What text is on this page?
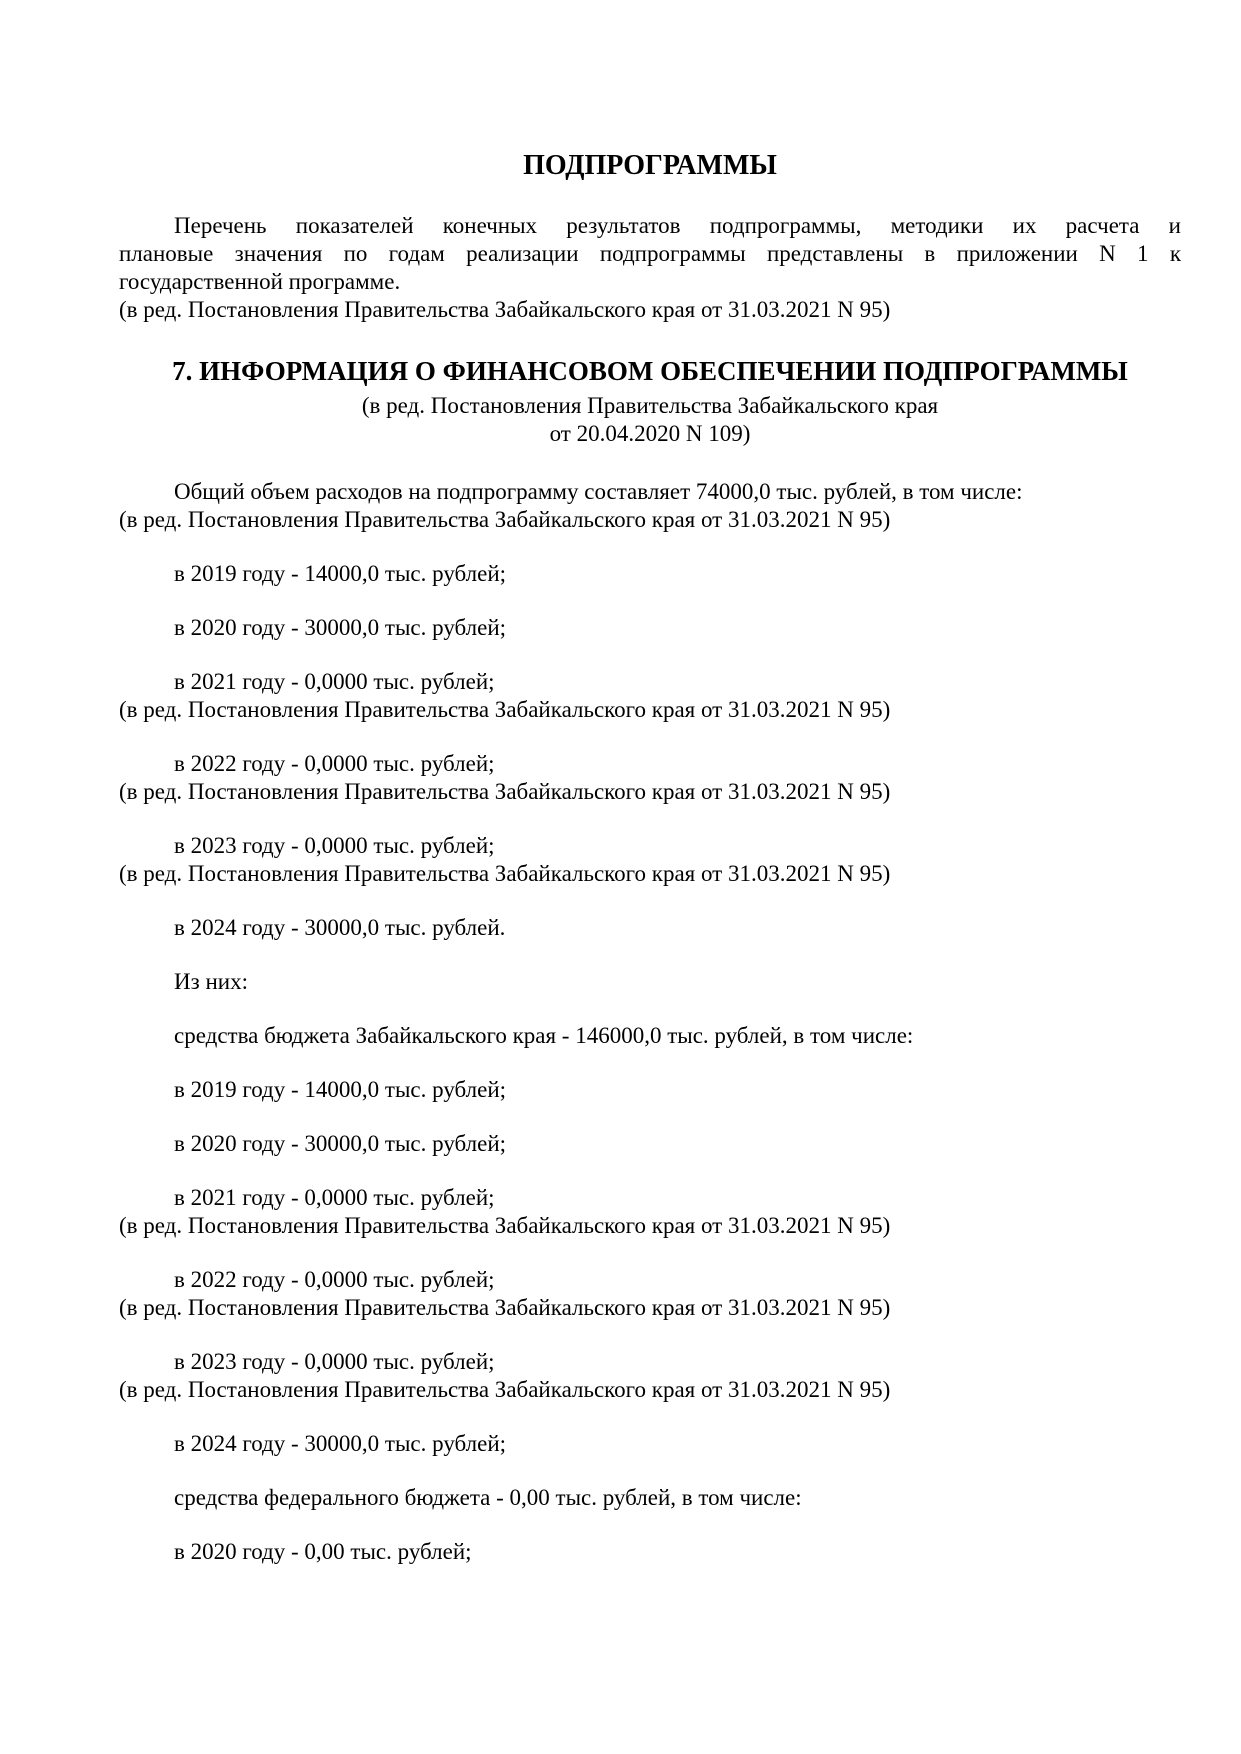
ПОДПРОГРАММЫ
Перечень показателей конечных результатов подпрограммы, методики их расчета и
плановые значения по годам реализации подпрограммы представлены в приложении N 1 к
государственной программе.
(в ред. Постановления Правительства Забайкальского края от 31.03.2021 N 95)
7. ИНФОРМАЦИЯ О ФИНАНСОВОМ ОБЕСПЕЧЕНИИ ПОДПРОГРАММЫ
(в ред. Постановления Правительства Забайкальского края
от 20.04.2020 N 109)
Общий объем расходов на подпрограмму составляет 74000,0 тыс. рублей, в том числе:
(в ред. Постановления Правительства Забайкальского края от 31.03.2021 N 95)
в 2019 году - 14000,0 тыс. рублей;
в 2020 году - 30000,0 тыс. рублей;
в 2021 году - 0,0000 тыс. рублей;
(в ред. Постановления Правительства Забайкальского края от 31.03.2021 N 95)
в 2022 году - 0,0000 тыс. рублей;
(в ред. Постановления Правительства Забайкальского края от 31.03.2021 N 95)
в 2023 году - 0,0000 тыс. рублей;
(в ред. Постановления Правительства Забайкальского края от 31.03.2021 N 95)
в 2024 году - 30000,0 тыс. рублей.
Из них:
средства бюджета Забайкальского края - 146000,0 тыс. рублей, в том числе:
в 2019 году - 14000,0 тыс. рублей;
в 2020 году - 30000,0 тыс. рублей;
в 2021 году - 0,0000 тыс. рублей;
(в ред. Постановления Правительства Забайкальского края от 31.03.2021 N 95)
в 2022 году - 0,0000 тыс. рублей;
(в ред. Постановления Правительства Забайкальского края от 31.03.2021 N 95)
в 2023 году - 0,0000 тыс. рублей;
(в ред. Постановления Правительства Забайкальского края от 31.03.2021 N 95)
в 2024 году - 30000,0 тыс. рублей;
средства федерального бюджета - 0,00 тыс. рублей, в том числе:
в 2020 году - 0,00 тыс. рублей;
